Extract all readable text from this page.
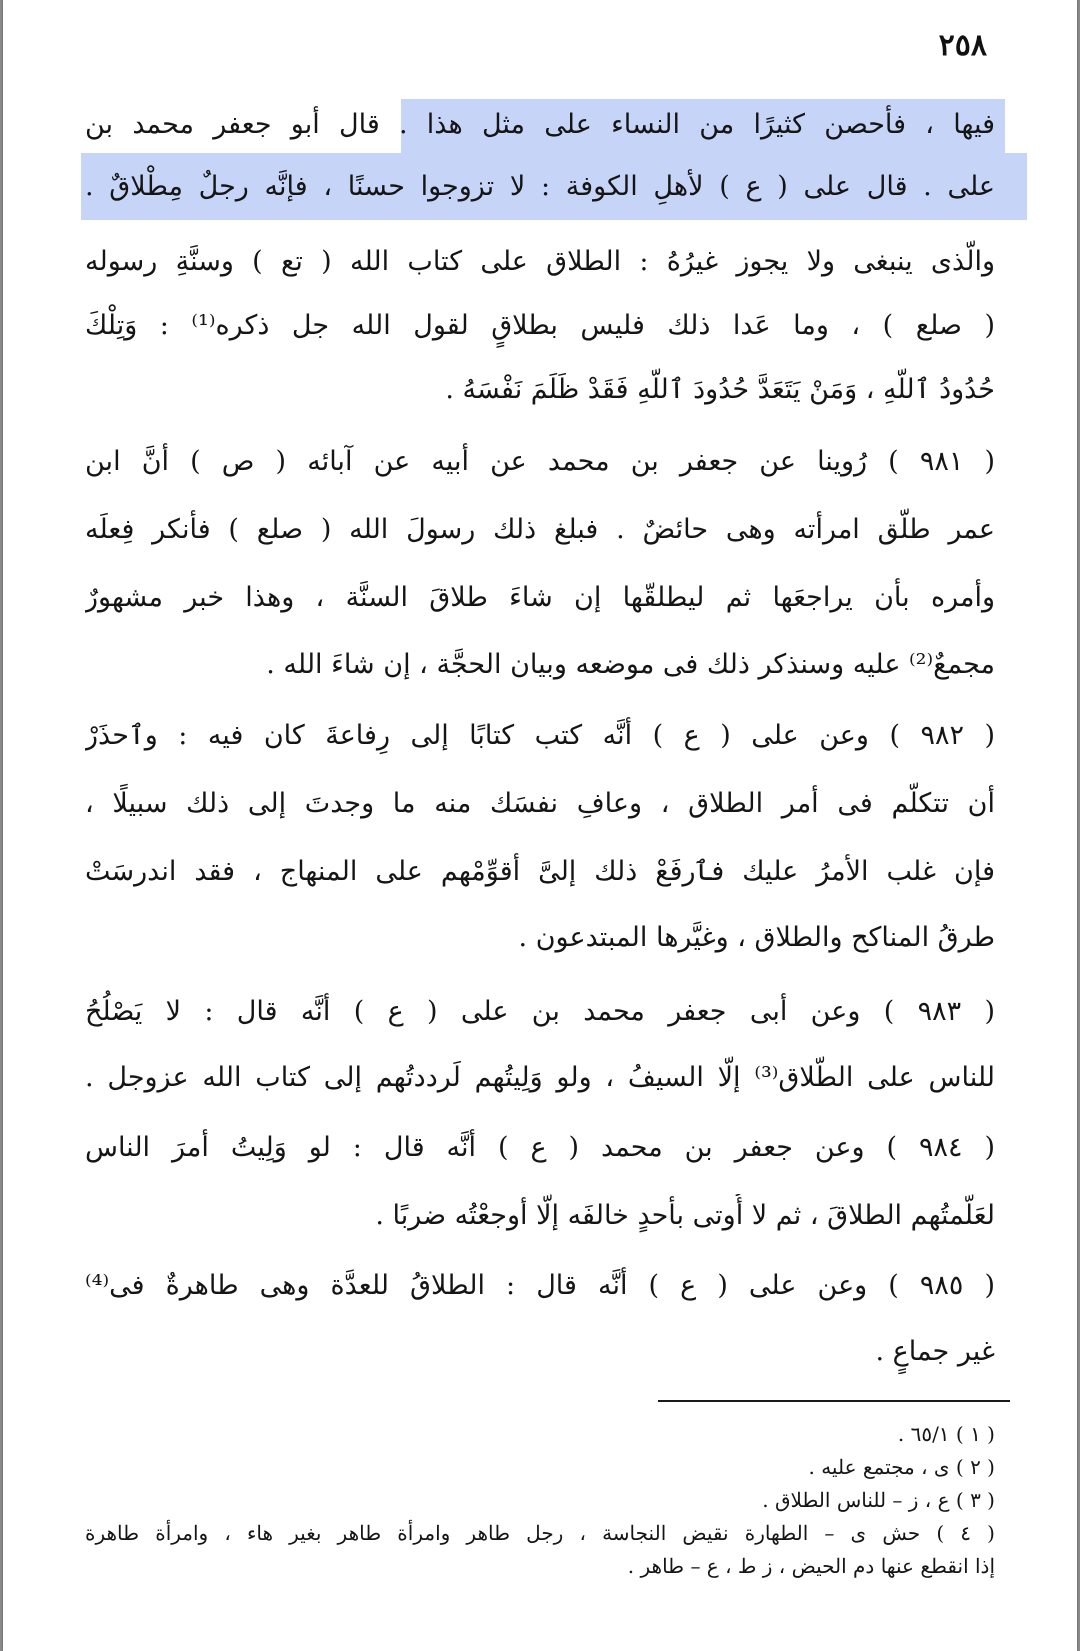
٢٥٨
فيها ، فأحصن كثيرًا من النساء على مثل هذا . قال أبو جعفر محمد بن
على . قال على ( ع ) لأهلِ الكوفة : لا تزوجوا حسنًا ، فإنَّه رجلٌ مِطْلاقٌ .
والَّذى ينبغى ولا يجوز غيرُهُ : الطلاق على كتاب الله ( تع ) وسنَّةِ رسوله
( صلع ) ، وما عَدا ذلك فليس بطلاقٍ لقول الله جل ذكره⁽¹⁾ : وَتِلْكَ
حُدُودُ ٱللَّهِ ، وَمَنْ يَتَعَدَّ حُدُودَ ٱللَّهِ فَقَدْ ظَلَمَ نَفْسَهُ .
( ٩٨١ ) رُوينا عن جعفر بن محمد عن أبيه عن آبائه ( ص ) أنَّ ابن
عمر طلَّق امرأته وهى حائضٌ . فبلغ ذلك رسولَ الله ( صلع ) فأنكر فِعلَه
وأمره بأن يراجعَها ثم ليطلقّها إن شاءَ طلاقَ السنَّة ، وهذا خبر مشهورٌ
مجمعٌ⁽²⁾ عليه وسنذكر ذلك فى موضعه وبيان الحجَّة ، إن شاءَ الله .
( ٩٨٢ ) وعن على ( ع ) أنَّه كتب كتابًا إلى رِفاعةَ كان فيه : وٱحذَرْ
أن تتكلَّم فى أمر الطلاق ، وعافِ نفسَك منه ما وجدتَ إلى ذلك سبيلًا ،
فإن غلب الأمرُ عليك فٱرفَعْ ذلك إلىَّ أقوِّمْهم على المنهاج ، فقد اندرسَتْ
طرقُ المناكح والطلاق ، وغيَّرها المبتدعون .
( ٩٨٣ ) وعن أبى جعفر محمد بن على ( ع ) أنَّه قال : لا يَصْلُحُ
للناس على الطَّلاق⁽³⁾ إلَّا السيفُ ، ولو وَلِيتُهم لَرددتُهم إلى كتاب الله عزوجل .
( ٩٨٤ ) وعن جعفر بن محمد ( ع ) أنَّه قال : لو وَلِيتُ أمرَ الناس
لعَلَّمتُهم الطلاقَ ، ثم لا أُوتى بأحدٍ خالفَه إلَّا أوجعْتُه ضربًا .
( ٩٨٥ ) وعن على ( ع ) أنَّه قال : الطلاقُ للعدَّة وهى طاهرةٌ فى⁽⁴⁾
غير جماعٍ .
( ١ ) ٦٥/١ .
( ٢ ) ى ، مجتمع عليه .
( ٣ ) ع ، ز – للناس الطلاق .
( ٤ ) حش ى – الطهارة نقيض النجاسة ، رجل طاهر وامرأة طاهر بغير هاء ، وامرأة طاهرة
إذا انقطع عنها دم الحيض ، ز ط ، ع – طاهر .
